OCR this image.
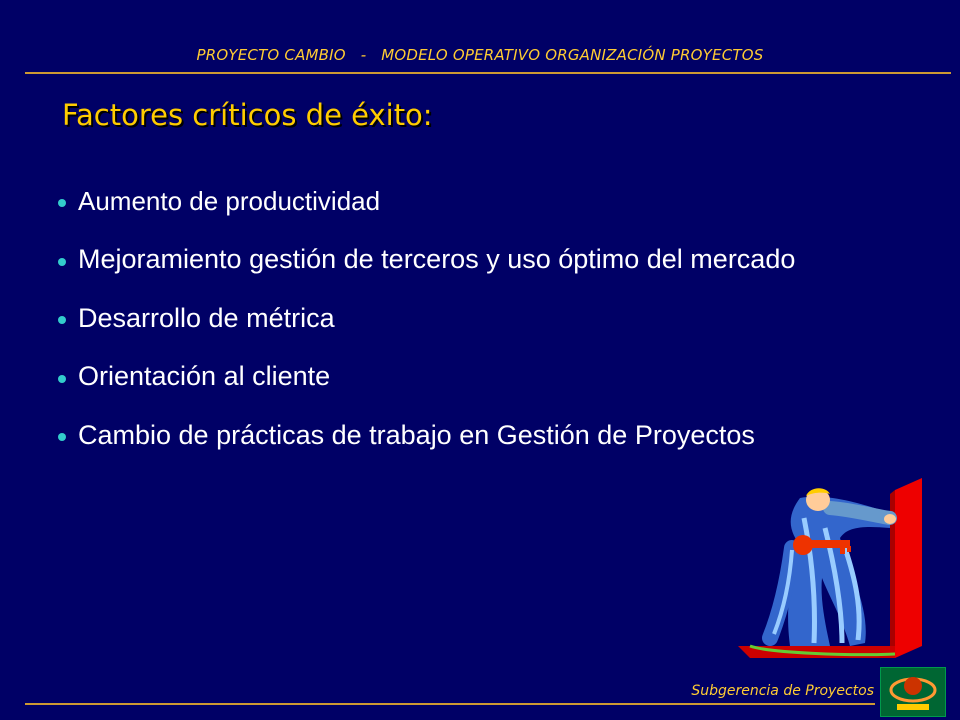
PROYECTO CAMBIO   -   MODELO OPERATIVO ORGANIZACIÓN PROYECTOS
Factores críticos de éxito:
Aumento de productividad
Mejoramiento gestión de terceros y uso óptimo del mercado
Desarrollo de métrica
Orientación al cliente
Cambio de prácticas de trabajo en Gestión de Proyectos
Subgerencia de Proyectos
